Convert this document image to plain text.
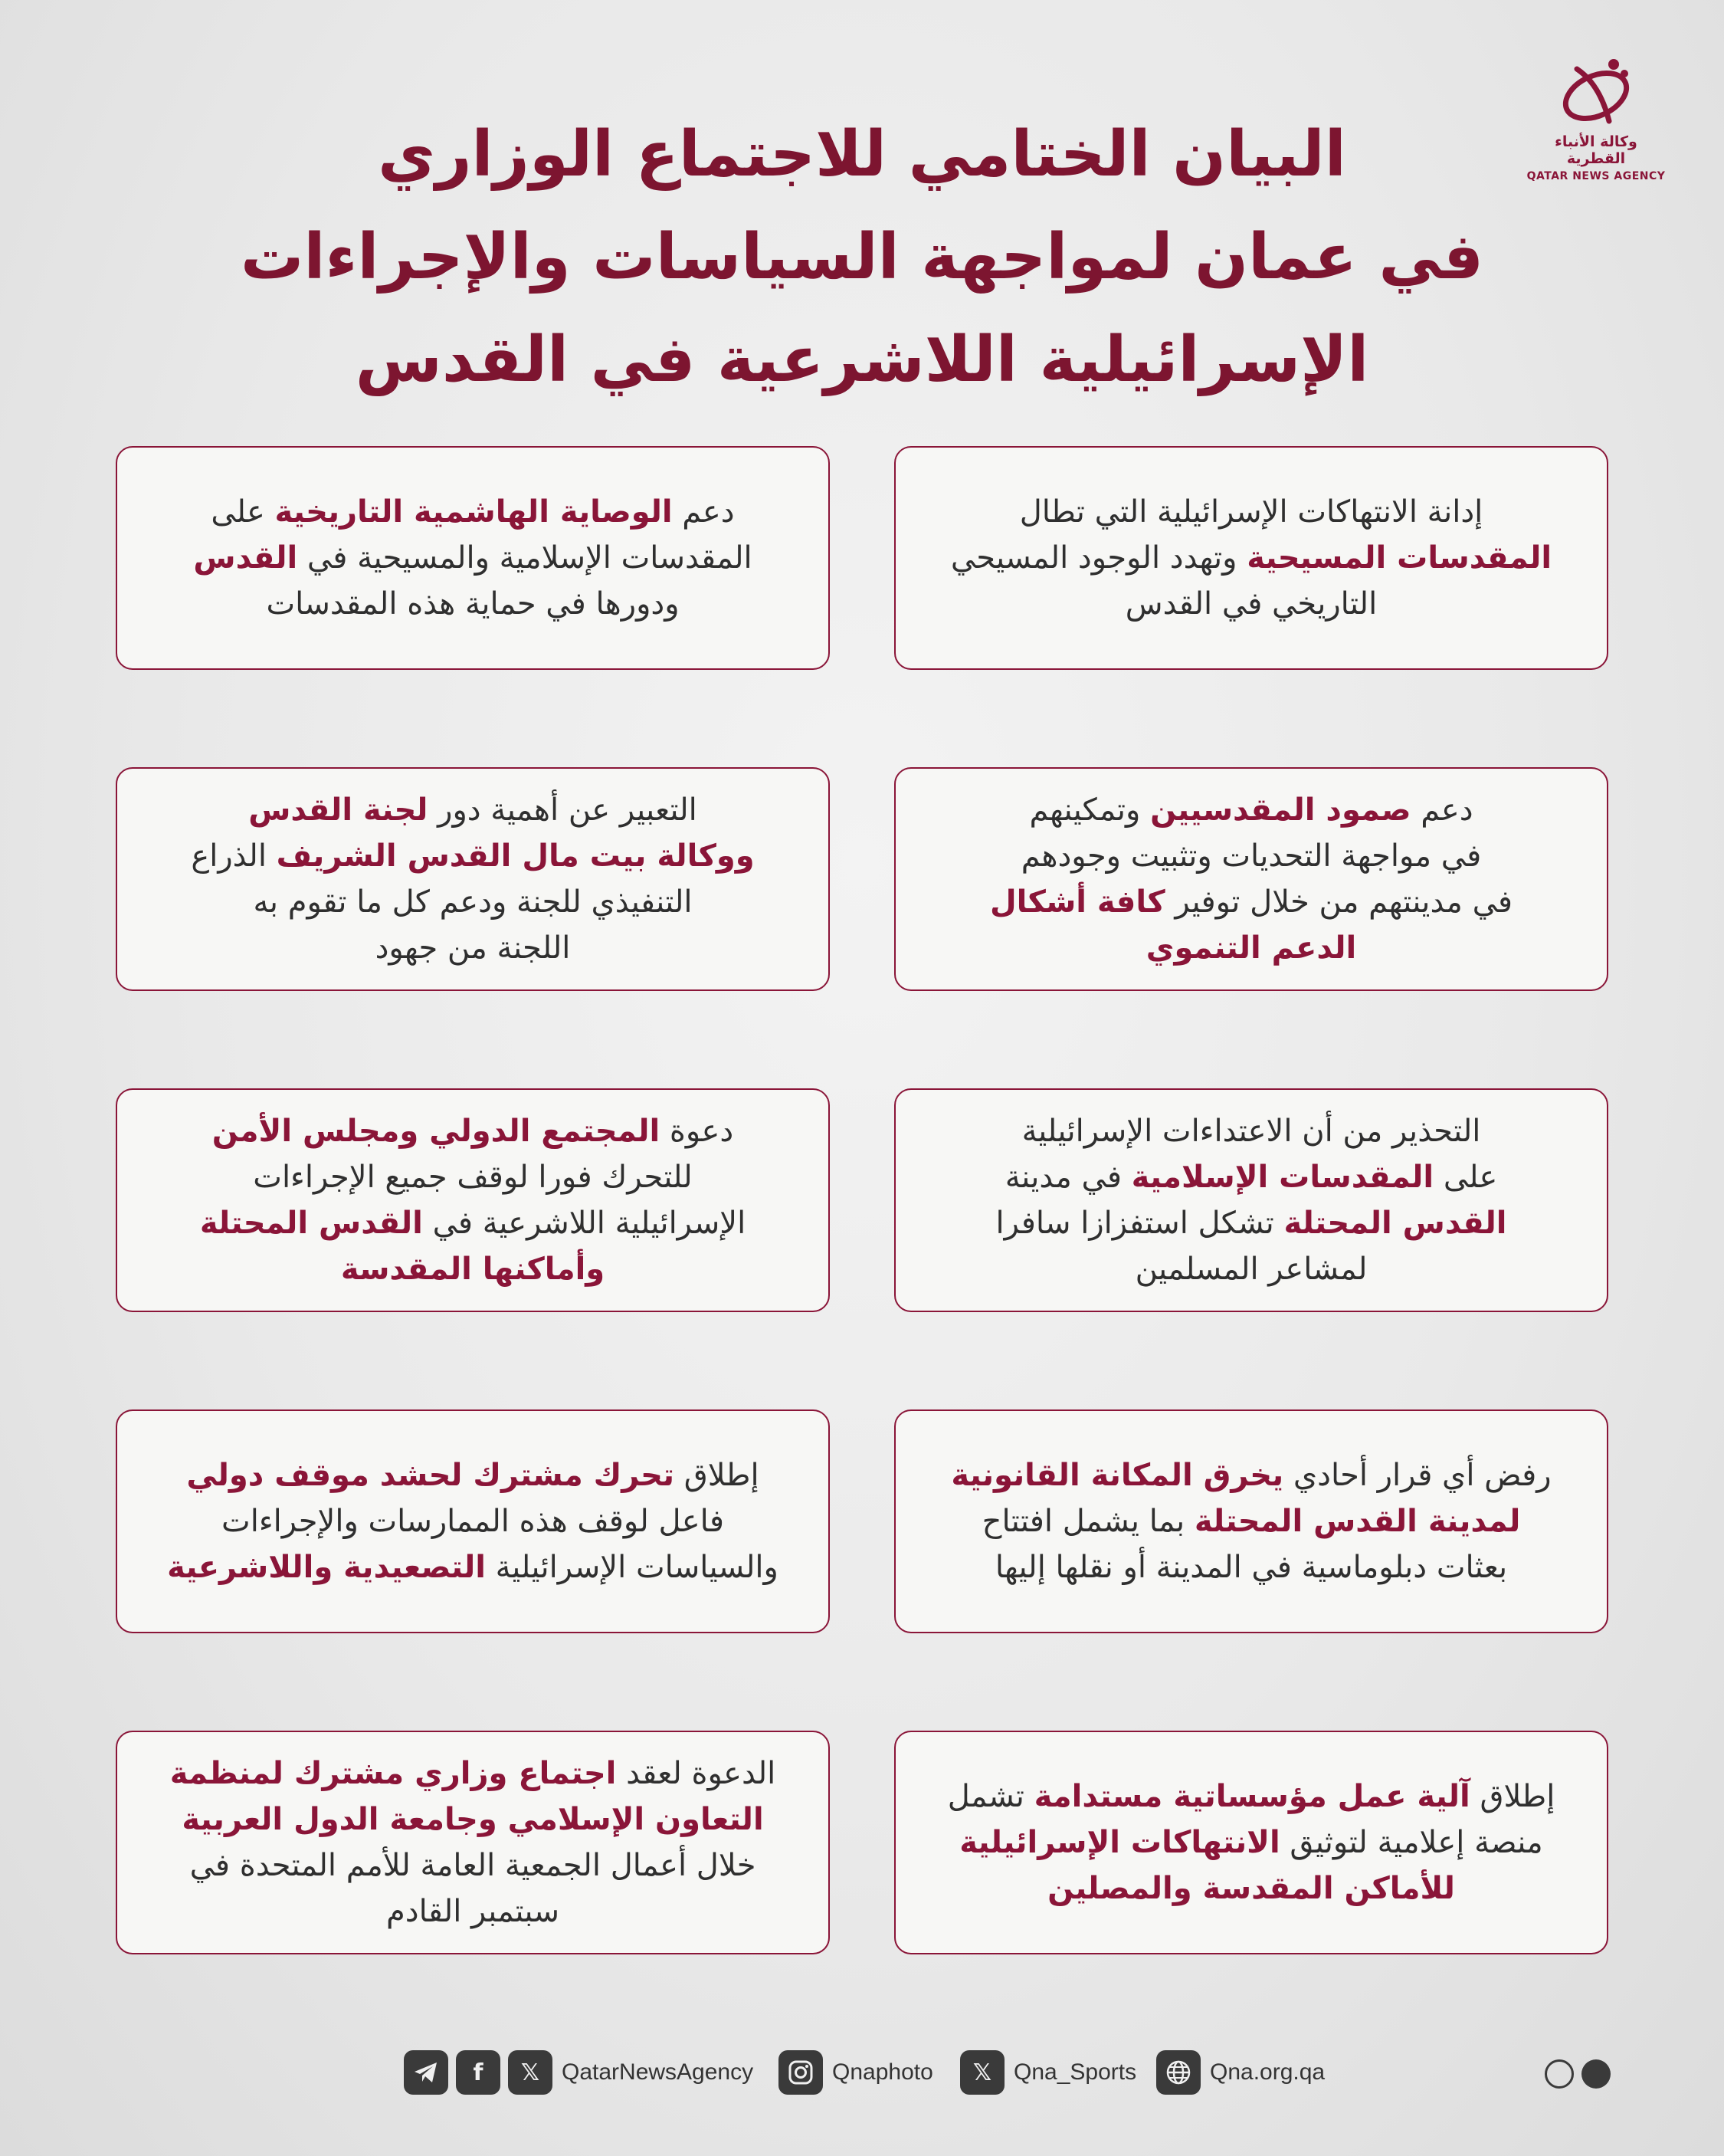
وكالة الأنباء القطرية
QATAR NEWS AGENCY
البيان الختامي للاجتماع الوزاري
في عمان لمواجهة السياسات والإجراءات
الإسرائيلية اللاشرعية في القدس

إدانة الانتهاكات الإسرائيلية التي تطال
المقدسات المسيحية وتهدد الوجود المسيحي
التاريخي في القدس

دعم الوصاية الهاشمية التاريخية على
المقدسات الإسلامية والمسيحية في القدس
ودورها في حماية هذه المقدسات

دعم صمود المقدسيين وتمكينهم
في مواجهة التحديات وتثبيت وجودهم
في مدينتهم من خلال توفير كافة أشكال
الدعم التنموي

التعبير عن أهمية دور لجنة القدس
ووكالة بيت مال القدس الشريف الذراع
التنفيذي للجنة ودعم كل ما تقوم به
اللجنة من جهود

التحذير من أن الاعتداءات الإسرائيلية
على المقدسات الإسلامية في مدينة
القدس المحتلة تشكل استفزازا سافرا
لمشاعر المسلمين

دعوة المجتمع الدولي ومجلس الأمن
للتحرك فورا لوقف جميع الإجراءات
الإسرائيلية اللاشرعية في القدس المحتلة
وأماكنها المقدسة

رفض أي قرار أحادي يخرق المكانة القانونية
لمدينة القدس المحتلة بما يشمل افتتاح
بعثات دبلوماسية في المدينة أو نقلها إليها

إطلاق تحرك مشترك لحشد موقف دولي
فاعل لوقف هذه الممارسات والإجراءات
والسياسات الإسرائيلية التصعيدية واللاشرعية

إطلاق آلية عمل مؤسساتية مستدامة تشمل
منصة إعلامية لتوثيق الانتهاكات الإسرائيلية
للأماكن المقدسة والمصلين

الدعوة لعقد اجتماع وزاري مشترك لمنظمة
التعاون الإسلامي وجامعة الدول العربية
خلال أعمال الجمعية العامة للأمم المتحدة في
سبتمبر القادم

f	𝕏 QatarNewsAgency	Qnaphoto	𝕏 Qna_Sports	Qna.org.qa
